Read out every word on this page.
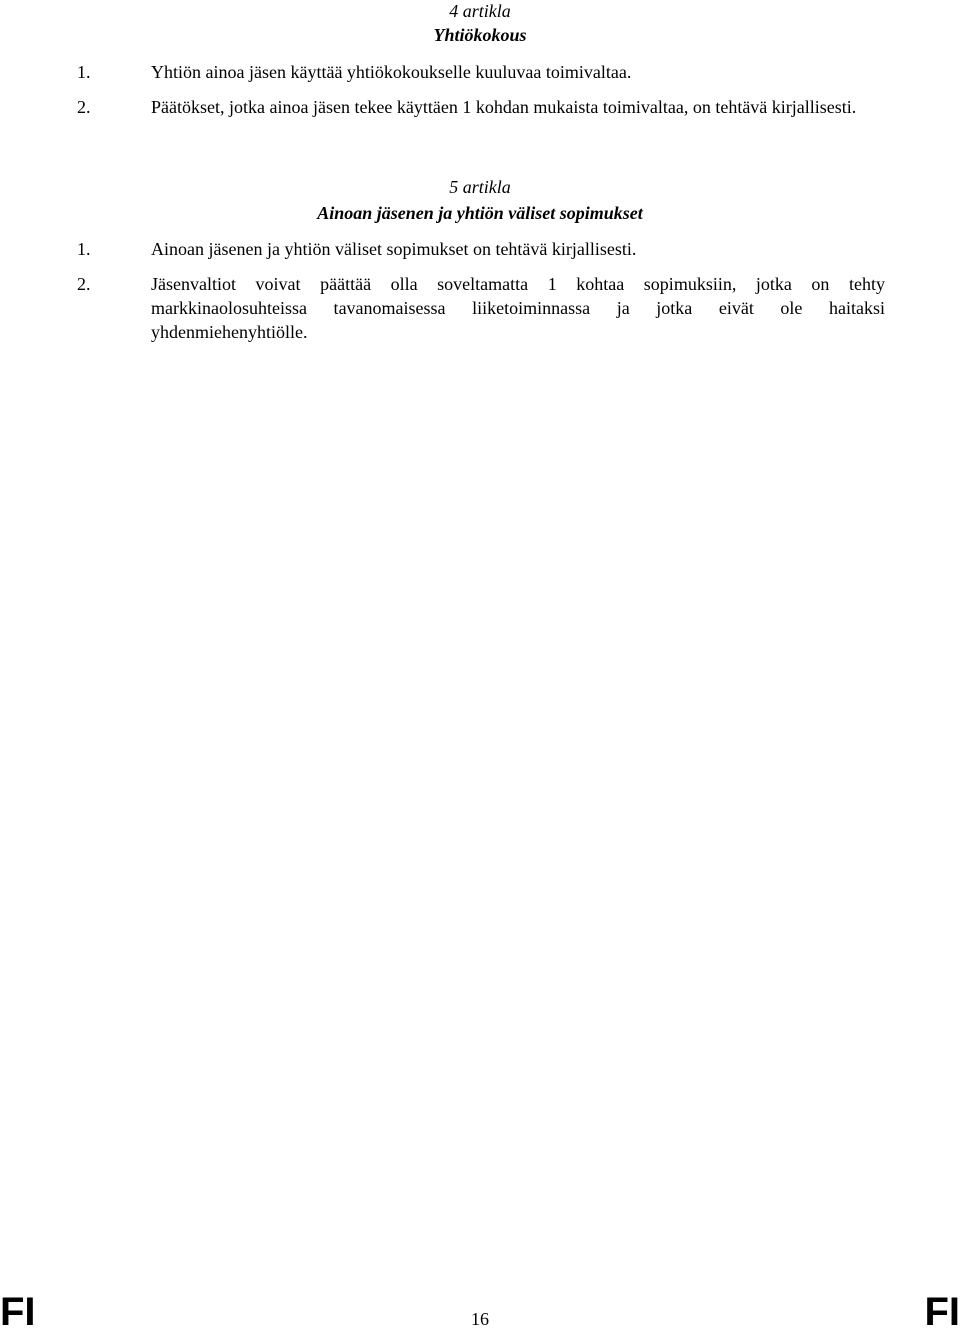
4 artikla
Yhtiökokous
1.	Yhtiön ainoa jäsen käyttää yhtiökokoukselle kuuluvaa toimivaltaa.
2.	Päätökset, jotka ainoa jäsen tekee käyttäen 1 kohdan mukaista toimivaltaa, on tehtävä kirjallisesti.
5 artikla
Ainoan jäsenen ja yhtiön väliset sopimukset
1.	Ainoan jäsenen ja yhtiön väliset sopimukset on tehtävä kirjallisesti.
2.	Jäsenvaltiot voivat päättää olla soveltamatta 1 kohtaa sopimuksiin, jotka on tehty markkinaolosuhteissa tavanomaisessa liiketoiminnassa ja jotka eivät ole haitaksi yhdenmiehenyhtiölle.
FI	16	FI
